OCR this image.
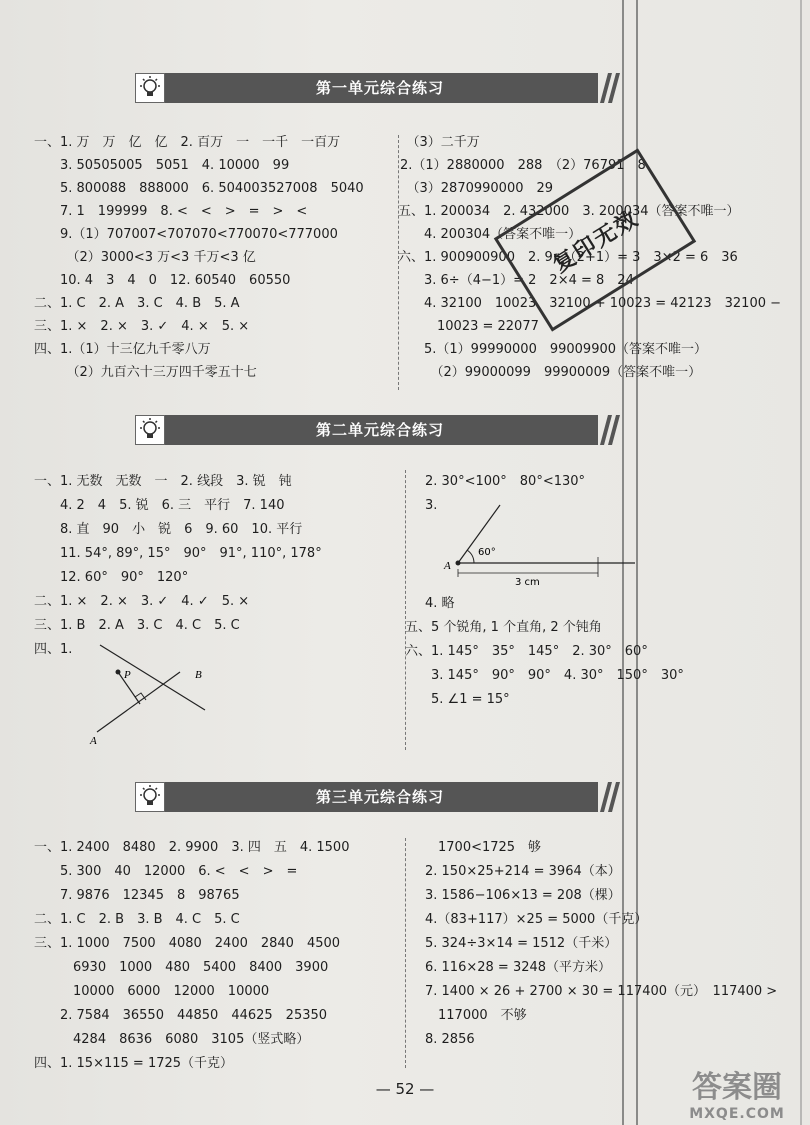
第一单元综合练习
一、1. 万　万　亿　亿　2. 百万　一　一千　一百万
　　3. 50505005　5051　4. 10000　99
　　5. 800088　888000　6. 50400352700​8　5040
　　7. 1　199999　8. <　<　>　=　>　<
　　9.（1）707007<707070<770070<777000
　　　（2）3000<3 万<3 千万<3 亿
　　10. 4　3　4　0　12. 60540　60550
二、1. C　2. A　3. C　4. B　5. A
三、1. ×　2. ×　3. ✓　4. ×　5. ×
四、1.（1）十三亿九千零八万
　　　（2）九百六十三万四千零五十七
　（3）二千万
2.（1）2880000　288　（2）76791　8
　（3）2870990000　29
五、1. 200034　2. 432000　3. 200034（答案不唯一）
　　4. 200304（答案不唯一）
六、1. 900900900　2. 9÷（2+1）= 3　3×2 = 6　36
　　3. 6÷（4−1）= 2　2×4 = 8　24
　　4. 32100　10023　32100 + 10023 = 42123　32100 −
　　　10023 = 22077
　　5.（1）99990000　99009900（答案不唯一）
　　　（2）99000099　99900009（答案不唯一）
复印无效
第二单元综合练习
一、1. 无数　无数　一　2. 线段　3. 锐　钝
　　4. 2　4　5. 锐　6. 三　平行　7. 140
　　8. 直　90　小　锐　6　9. 60　10. 平行
　　11. 54°, 89°, 15°　90°　91°, 110°, 178°
　　12. 60°　90°　120°
二、1. ×　2. ×　3. ✓　4. ✓　5. ×
三、1. B　2. A　3. C　4. C　5. C
四、1.
P	B
A
2. 30°<100°　80°<130°
3.
4. 略
五、5 个锐角, 1 个直角, 2 个钝角
六、1. 145°　35°　145°　2. 30°　60°
　　3. 145°　90°　90°　4. 30°　150°　30°
　　5. ∠1 = 15°
A
60°
3 cm
第三单元综合练习
一、1. 2400　8480　2. 9900　3. 四　五　4. 1500
　　5. 300　40　12000　6. <　<　>　=
　　7. 9876　12345　8　98765
二、1. C　2. B　3. B　4. C　5. C
三、1. 1000　7500　4080　2400　2840　4500
　　　6930　1000　480　5400　8400　3900
　　　10000　6000　12000　10000
　　2. 7584　36550　44850　44625　25350
　　　4284　8636　6080　3105（竖式略）
四、1. 15×115 = 1725（千克）
　1700<1725　够
2. 150×25+214 = 3964（本）
3. 1586−106×13 = 208（棵）
4.（83+117）×25 = 5000（千克）
5. 324÷3×14 = 1512（千米）
6. 116×28 = 3248（平方米）
7. 1400 × 26 + 2700 × 30 = 117400（元）　117400 >
　117000　不够
8. 2856
— 52 —	答案圈
MXQE.COM
